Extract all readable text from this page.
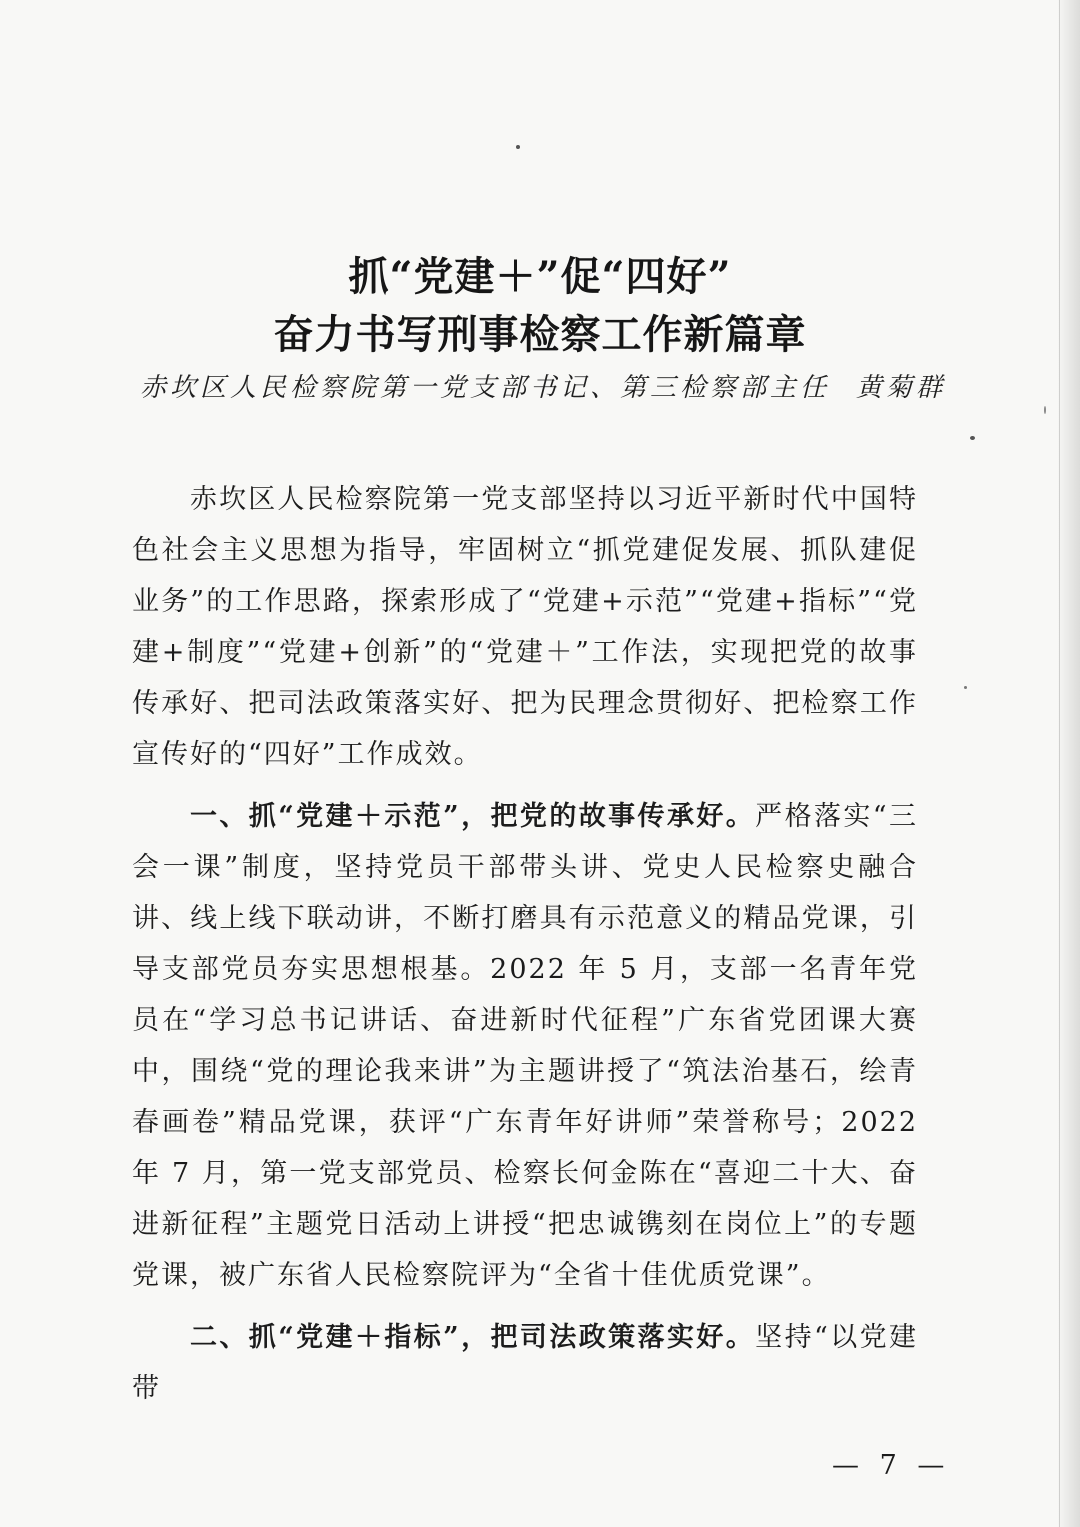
抓“党建＋”促“四好”
奋力书写刑事检察工作新篇章
赤坎区人民检察院第一党支部书记、第三检察部主任 黄菊群

赤坎区人民检察院第一党支部坚持以习近平新时代中国特色社会主义思想为指导，牢固树立“抓党建促发展、抓队建促业务”的工作思路，探索形成了“党建+示范”“党建+指标”“党建+制度”“党建+创新”的“党建＋”工作法，实现把党的故事传承好、把司法政策落实好、把为民理念贯彻好、把检察工作宣传好的“四好”工作成效。

一、抓“党建＋示范”，把党的故事传承好。严格落实“三会一课”制度，坚持党员干部带头讲、党史人民检察史融合讲、线上线下联动讲，不断打磨具有示范意义的精品党课，引导支部党员夯实思想根基。2022 年 5 月，支部一名青年党员在“学习总书记讲话、奋进新时代征程”广东省党团课大赛中，围绕“党的理论我来讲”为主题讲授了“筑法治基石，绘青春画卷”精品党课，获评“广东青年好讲师”荣誉称号；2022 年 7 月，第一党支部党员、检察长何金陈在“喜迎二十大、奋进新征程”主题党日活动上讲授“把忠诚镌刻在岗位上”的专题党课，被广东省人民检察院评为“全省十佳优质党课”。

二、抓“党建＋指标”，把司法政策落实好。坚持“以党建带

— 7 —
